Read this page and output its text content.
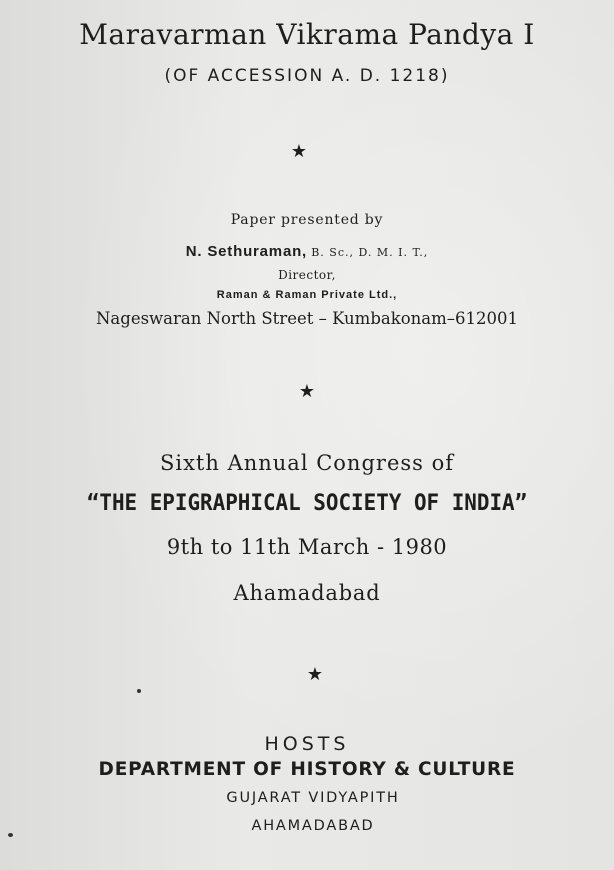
Maravarman Vikrama Pandya I
(OF ACCESSION A. D. 1218)
★
Paper presented by
N. Sethuraman, B. Sc., D. M. I. T.,
Director,
Raman & Raman Private Ltd.,
Nageswaran North Street – Kumbakonam–612001
★
Sixth Annual Congress of
“THE EPIGRAPHICAL SOCIETY OF INDIA”
9th to 11th March - 1980
Ahamadabad
★
HOSTS
DEPARTMENT OF HISTORY & CULTURE
GUJARAT VIDYAPITH
AHAMADABAD
